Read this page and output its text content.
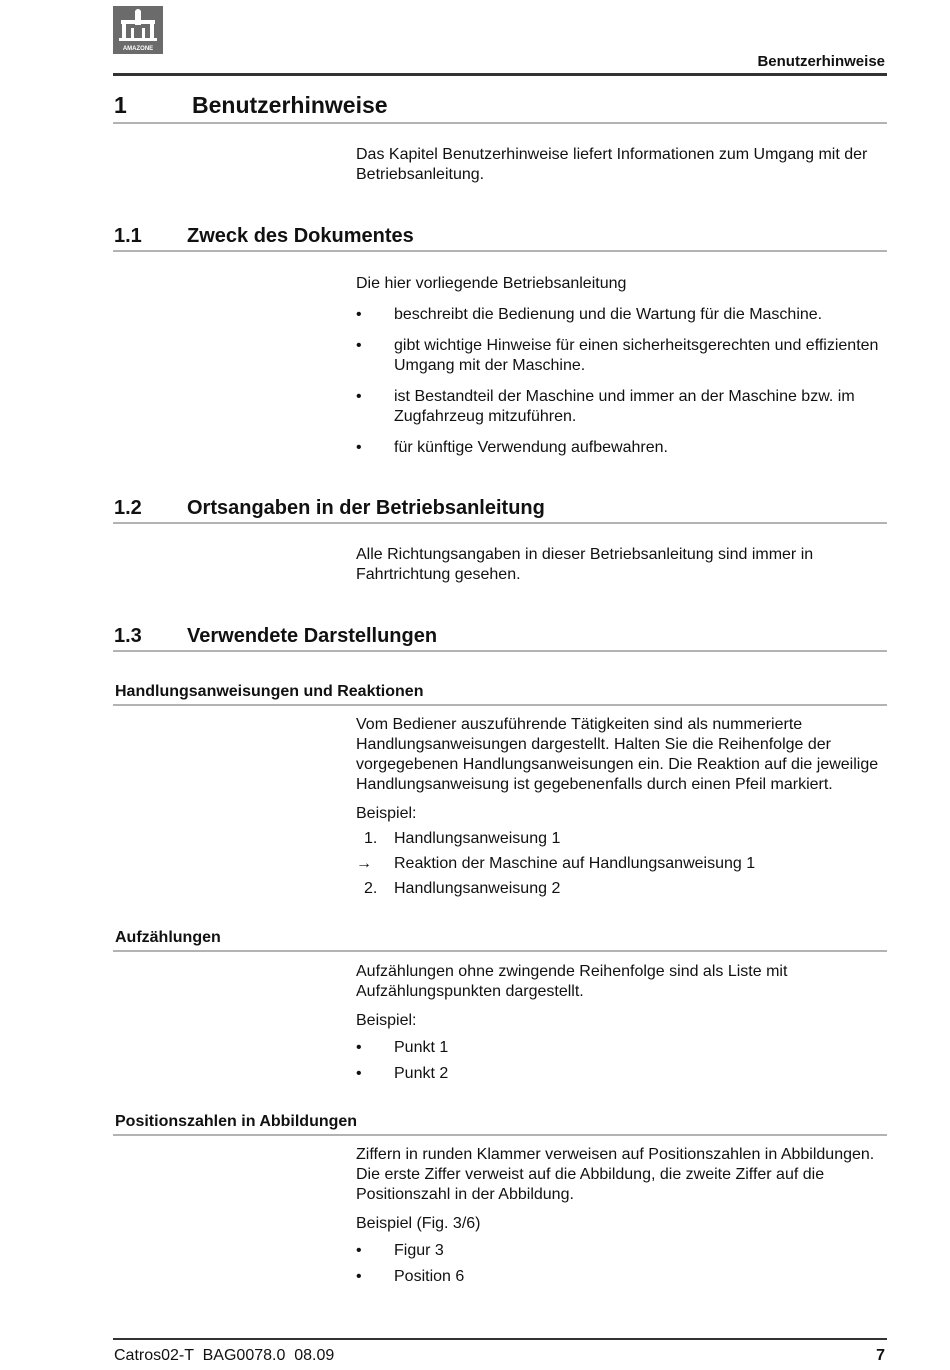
AMAZONE
Benutzerhinweise
1	Benutzerhinweise

Das Kapitel Benutzerhinweise liefert Informationen zum Umgang mit der Betriebsanleitung.

1.1 Zweck des Dokumentes

Die hier vorliegende Betriebsanleitung

• beschreibt die Bedienung und die Wartung für die Maschine.
• gibt wichtige Hinweise für einen sicherheitsgerechten und effizienten Umgang mit der Maschine.
• ist Bestandteil der Maschine und immer an der Maschine bzw. im Zugfahrzeug mitzuführen.
• für künftige Verwendung aufbewahren.
1.2 Ortsangaben in der Betriebsanleitung

Alle Richtungsangaben in dieser Betriebsanleitung sind immer in Fahrtrichtung gesehen.

1.3 Verwendete Darstellungen
Handlungsanweisungen und Reaktionen

Vom Bediener auszuführende Tätigkeiten sind als nummerierte Handlungsanweisungen dargestellt. Halten Sie die Reihenfolge der vorgegebenen Handlungsanweisungen ein. Die Reaktion auf die jeweilige Handlungsanweisung ist gegebenenfalls durch einen Pfeil markiert.

Beispiel:

1. Handlungsanweisung 1
→ Reaktion der Maschine auf Handlungsanweisung 1
2. Handlungsanweisung 2
Aufzählungen

Aufzählungen ohne zwingende Reihenfolge sind als Liste mit Aufzählungspunkten dargestellt.

Beispiel:

• Punkt 1
• Punkt 2
Positionszahlen in Abbildungen

Ziffern in runden Klammer verweisen auf Positionszahlen in Abbildungen. Die erste Ziffer verweist auf die Abbildung, die zweite Ziffer auf die Positionszahl in der Abbildung.

Beispiel (Fig. 3/6)

• Figur 3
• Position 6
Catros02-T  BAG0078.0  08.09	7
